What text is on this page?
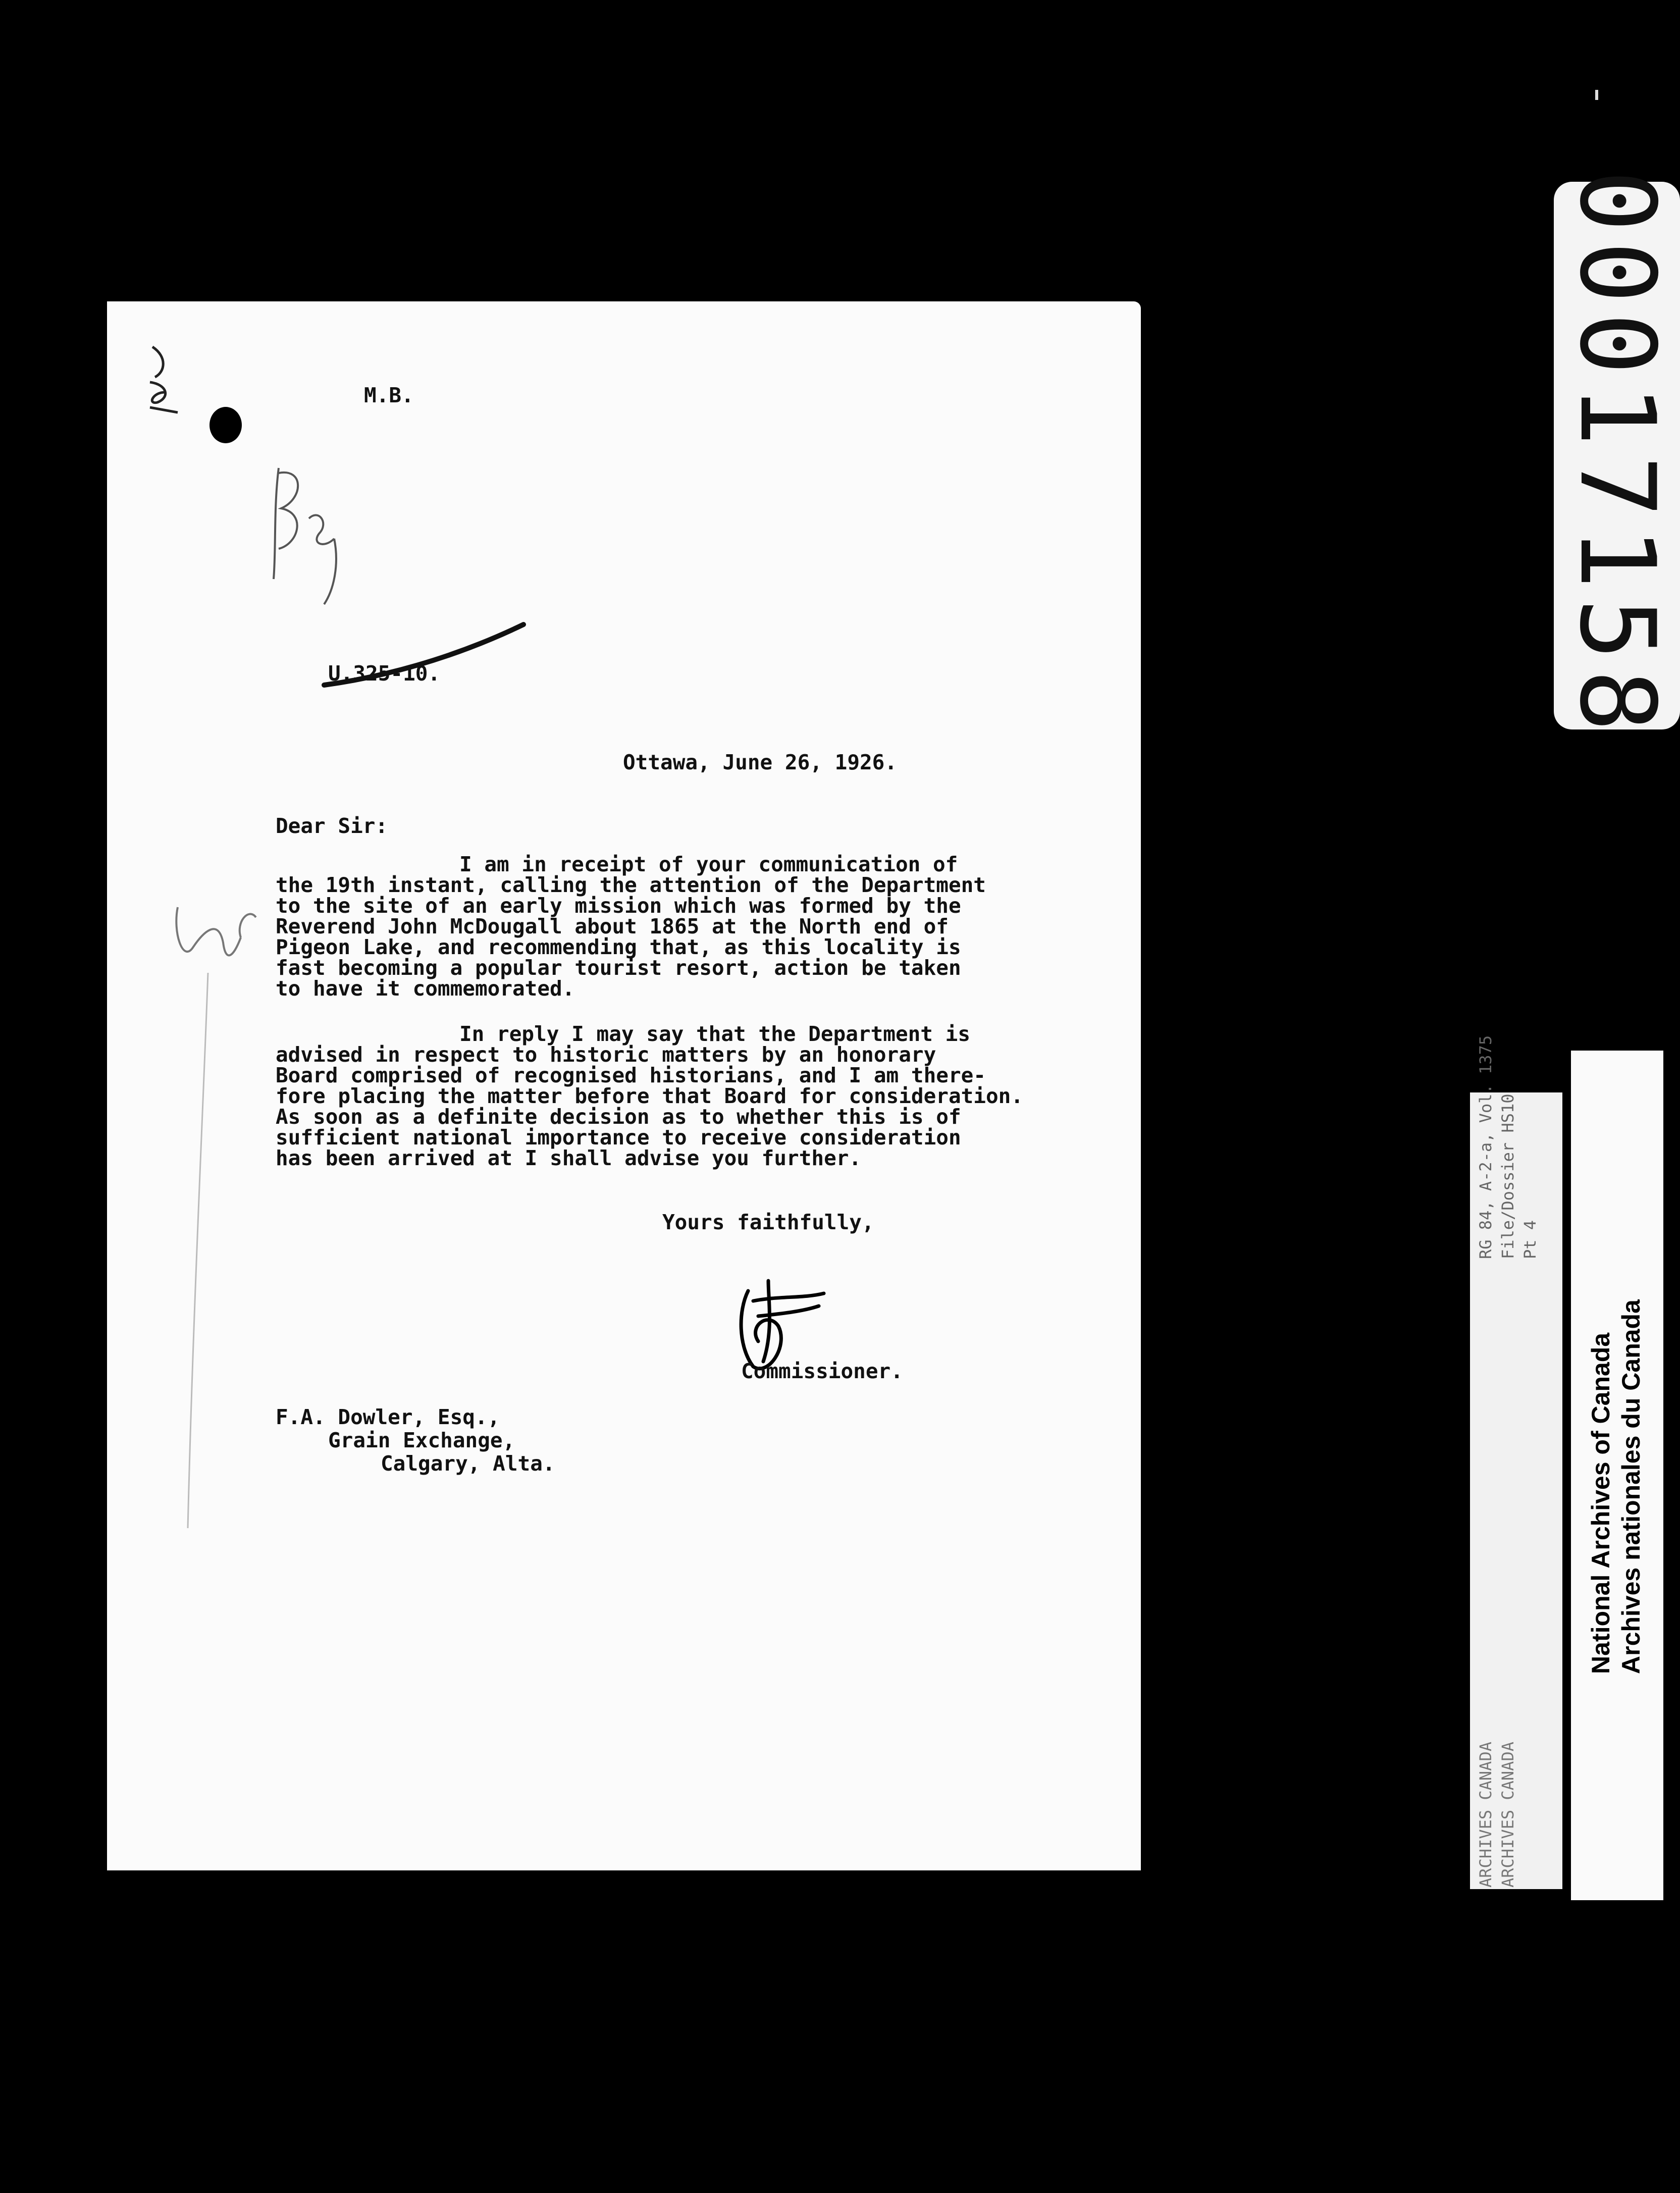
M.B.
U.325-10.
Ottawa, June 26, 1926.
Dear Sir:
I am in receipt of your communication of
the 19th instant, calling the attention of the Department
to the site of an early mission which was formed by the
Reverend John McDougall about 1865 at the North end of
Pigeon Lake, and recommending that, as this locality is
fast becoming a popular tourist resort, action be taken
to have it commemorated.
In reply I may say that the Department is
advised in respect to historic matters by an honorary
Board comprised of recognised historians, and I am there-
fore placing the matter before that Board for consideration.
As soon as a definite decision as to whether this is of
sufficient national importance to receive consideration
has been arrived at I shall advise you further.
Yours faithfully,
Commissioner.
F.A. Dowler, Esq.,
Grain Exchange,
Calgary, Alta.
00017158
RG 84, A-2-a, Vol. 1375 File/Dossier HS10 Pt 4
ARCHIVES CANADA ARCHIVES CANADA
National Archives of Canada Archives nationales du Canada
